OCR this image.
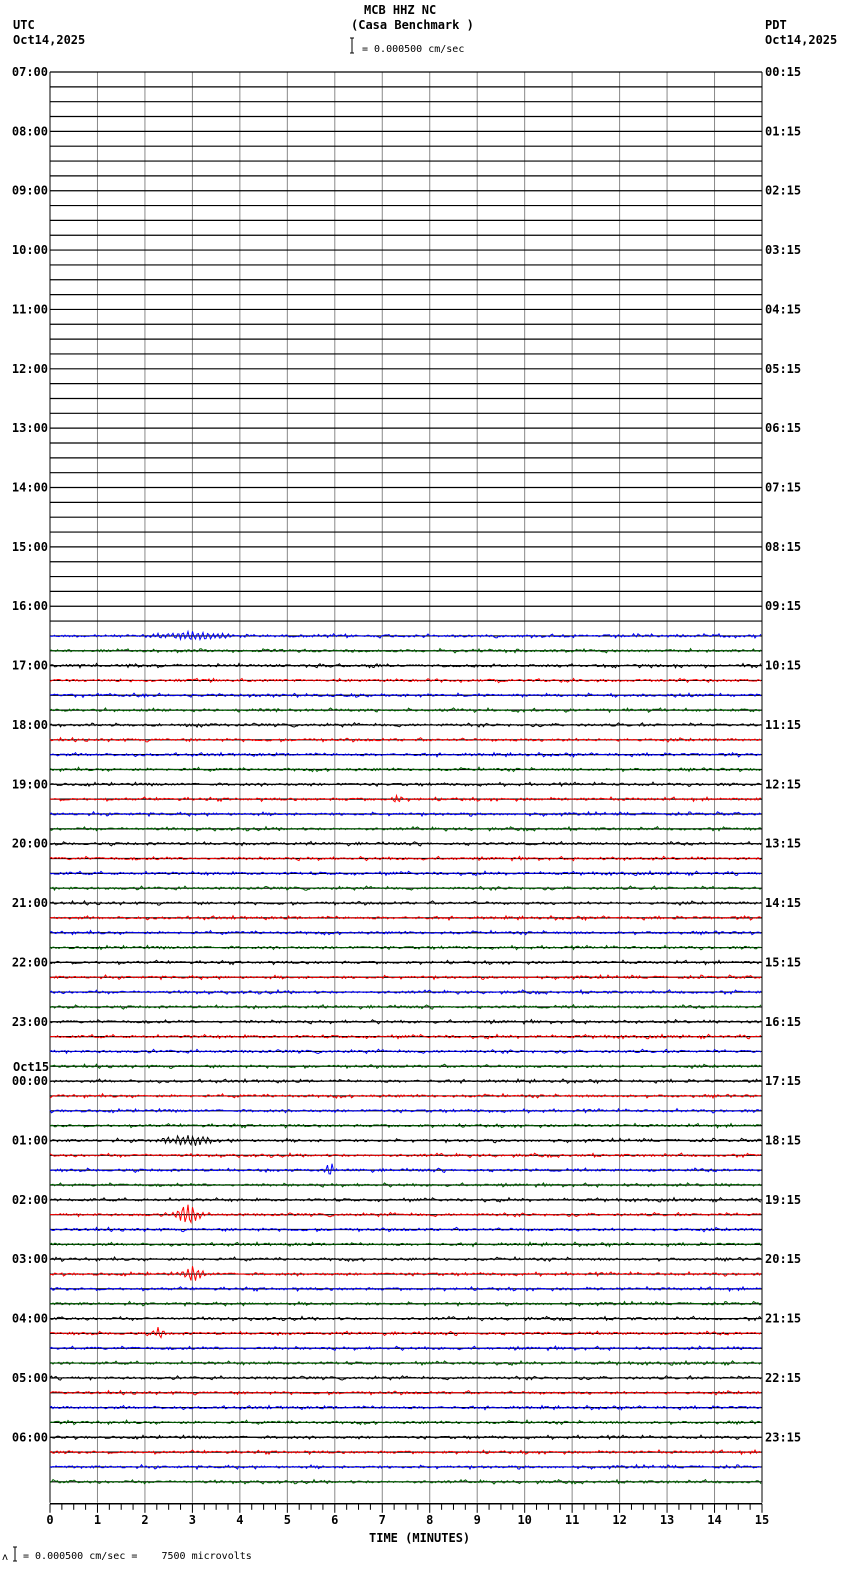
MCB HHZ NC
(Casa Benchmark )
= 0.000500 cm/sec
UTC
Oct14,2025
PDT
Oct14,2025
07:00
08:00
09:00
10:00
11:00
12:00
13:00
14:00
15:00
16:00
17:00
18:00
19:00
20:00
21:00
22:00
23:00
00:00
Oct15
01:00
02:00
03:00
04:00
05:00
06:00
00:15
01:15
02:15
03:15
04:15
05:15
06:15
07:15
08:15
09:15
10:15
11:15
12:15
13:15
14:15
15:15
16:15
17:15
18:15
19:15
20:15
21:15
22:15
23:15
0	1	2	3	4	5	6	7	8	9	10	11	12	13	14	15
TIME (MINUTES)
ʌ = 0.000500 cm/sec =    7500 microvolts
